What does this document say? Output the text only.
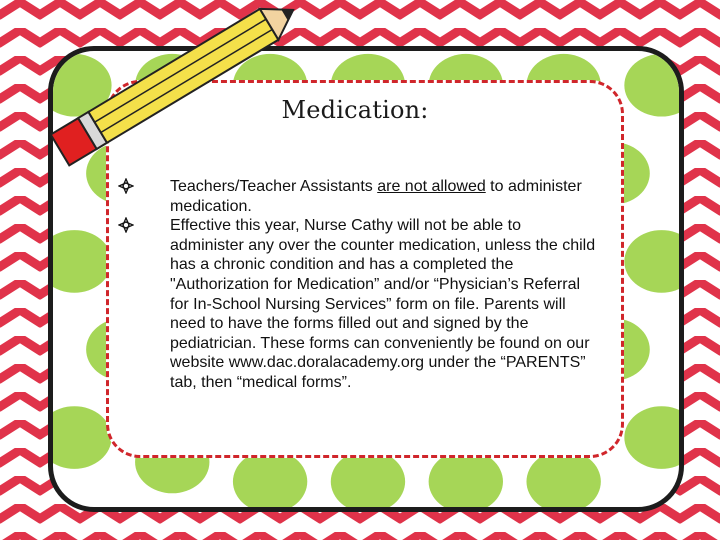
Medication:
Teachers/Teacher Assistants are not allowed to administer medication.
Effective this year, Nurse Cathy will not be able to administer any over the counter medication, unless the child has a chronic condition and has a completed the "Authorization for Medication” and/or “Physician’s Referral for In-School Nursing Services” form on file. Parents will need to have the forms filled out and signed by the pediatrician. These forms can conveniently be found on our website www.dac.doralacademy.org under the “PARENTS” tab, then “medical forms”.
